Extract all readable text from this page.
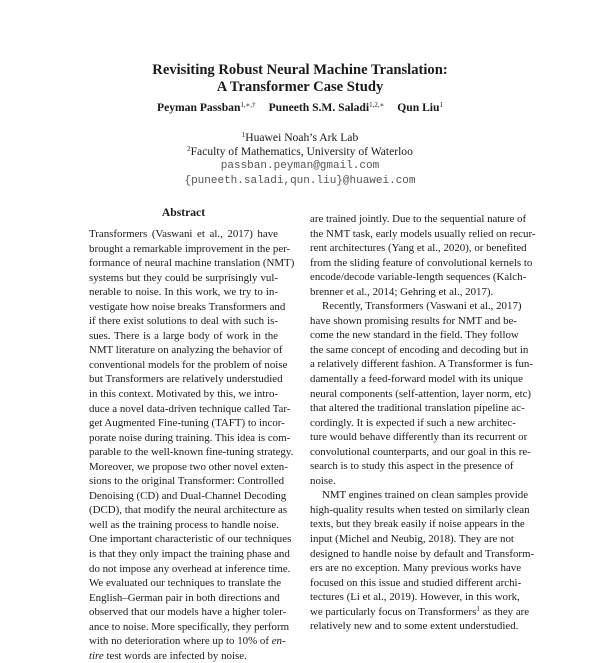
Revisiting Robust Neural Machine Translation:
A Transformer Case Study
Peyman Passban$^{1,∗,\dagger}$ Puneeth S.M. Saladi$^{1,2,∗}$ Qun Liu$^1$
$^1$Huawei Noah’s Ark Lab
$^2$Faculty of Mathematics, University of Waterloo
passban.peyman@gmail.com
{puneeth.saladi,qun.liu}@huawei.com
Abstract
Transformers (Vaswani et al., 2017) have
brought a remarkable improvement in the per-
formance of neural machine translation (NMT)
systems but they could be surprisingly vul-
nerable to noise. In this work, we try to in-
vestigate how noise breaks Transformers and
if there exist solutions to deal with such is-
sues. There is a large body of work in the
NMT literature on analyzing the behavior of
conventional models for the problem of noise
but Transformers are relatively understudied
in this context. Motivated by this, we intro-
duce a novel data-driven technique called Tar-
get Augmented Fine-tuning (TAFT) to incor-
porate noise during training. This idea is com-
parable to the well-known fine-tuning strategy.
Moreover, we propose two other novel exten-
sions to the original Transformer: Controlled
Denoising (CD) and Dual-Channel Decoding
(DCD), that modify the neural architecture as
well as the training process to handle noise.
One important characteristic of our techniques
is that they only impact the training phase and
do not impose any overhead at inference time.
We evaluated our techniques to translate the
English–German pair in both directions and
observed that our models have a higher toler-
ance to noise. More specifically, they perform
with no deterioration where up to 10% of en-
tire test words are infected by noise.
are trained jointly. Due to the sequential nature of
the NMT task, early models usually relied on recur-
rent architectures (Yang et al., 2020), or benefited
from the sliding feature of convolutional kernels to
encode/decode variable-length sequences (Kalch-
brenner et al., 2014; Gehring et al., 2017).
Recently, Transformers (Vaswani et al., 2017)
have shown promising results for NMT and be-
come the new standard in the field. They follow
the same concept of encoding and decoding but in
a relatively different fashion. A Transformer is fun-
damentally a feed-forward model with its unique
neural components (self-attention, layer norm, etc)
that altered the traditional translation pipeline ac-
cordingly. It is expected if such a new architec-
ture would behave differently than its recurrent or
convolutional counterparts, and our goal in this re-
search is to study this aspect in the presence of
noise.
NMT engines trained on clean samples provide
high-quality results when tested on similarly clean
texts, but they break easily if noise appears in the
input (Michel and Neubig, 2018). They are not
designed to handle noise by default and Transform-
ers are no exception. Many previous works have
focused on this issue and studied different archi-
tectures (Li et al., 2019). However, in this work,
we particularly focus on Transformers$^1$ as they are
relatively new and to some extent understudied.
